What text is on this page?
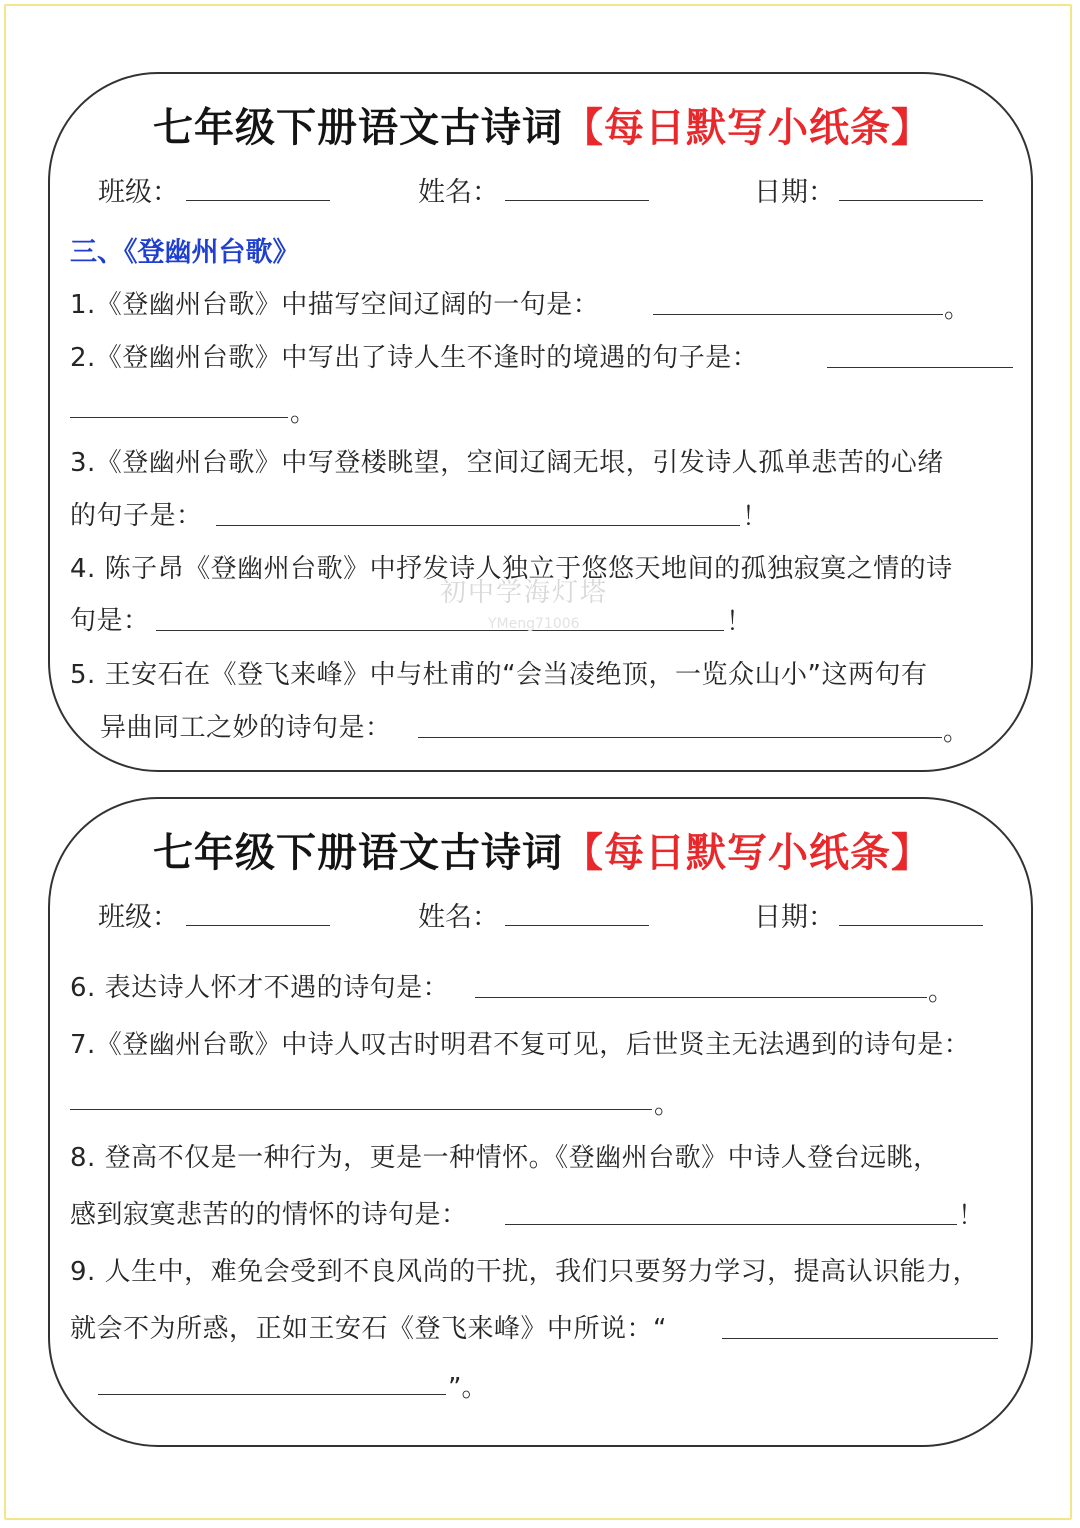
七年级下册语文古诗词【每日默写小纸条】
班级：	姓名：	日期：
三、《登幽州台歌》
1.《登幽州台歌》中描写空间辽阔的一句是：	。
2.《登幽州台歌》中写出了诗人生不逢时的境遇的句子是：
。
3.《登幽州台歌》中写登楼眺望，空间辽阔无垠，引发诗人孤单悲苦的心绪
的句子是：	！
4. 陈子昂《登幽州台歌》中抒发诗人独立于悠悠天地间的孤独寂寞之情的诗
句是：	！
初中学海灯塔
YMeng71006
5. 王安石在《登飞来峰》中与杜甫的“会当凌绝顶，一览众山小”这两句有
异曲同工之妙的诗句是：	。
七年级下册语文古诗词【每日默写小纸条】
班级：	姓名：	日期：
6. 表达诗人怀才不遇的诗句是：	。
7.《登幽州台歌》中诗人叹古时明君不复可见，后世贤主无法遇到的诗句是：
。
8. 登高不仅是一种行为，更是一种情怀。《登幽州台歌》中诗人登台远眺，
感到寂寞悲苦的的情怀的诗句是：	！
9. 人生中，难免会受到不良风尚的干扰，我们只要努力学习，提高认识能力，
就会不为所惑，正如王安石《登飞来峰》中所说：“
”。
